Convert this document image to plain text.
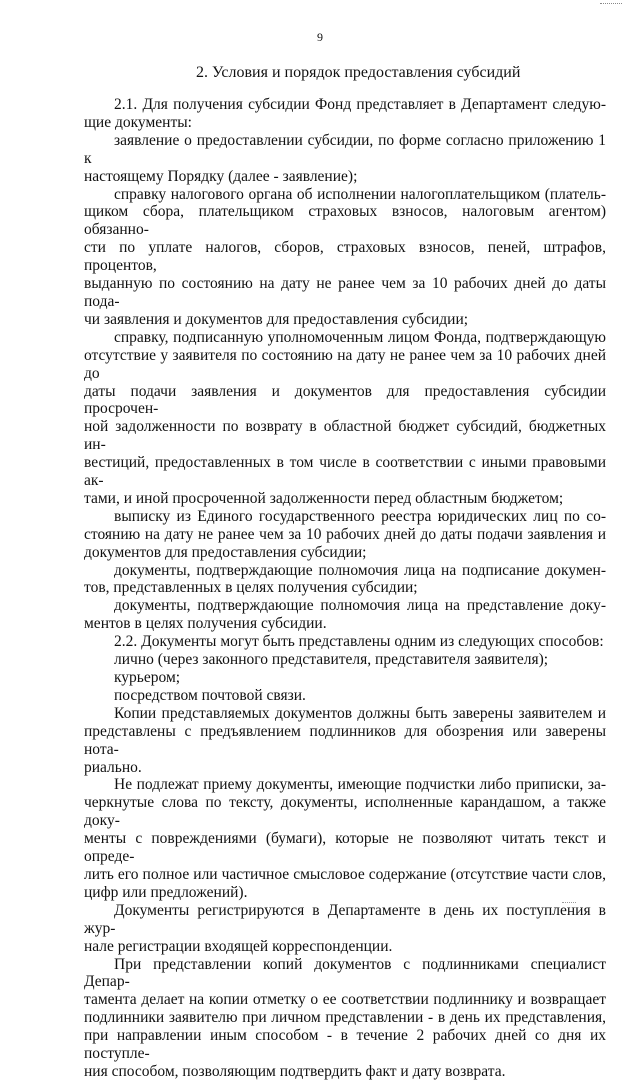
9
2. Условия и порядок предоставления субсидий

2.1. Для получения субсидии Фонд представляет в Департамент следую-

щие документы:

заявление о предоставлении субсидии, по форме согласно приложению 1 к

настоящему Порядку (далее - заявление);

справку налогового органа об исполнении налогоплательщиком (платель-

щиком сбора, плательщиком страховых взносов, налоговым агентом) обязанно-

сти по уплате налогов, сборов, страховых взносов, пеней, штрафов, процентов,

выданную по состоянию на дату не ранее чем за 10 рабочих дней до даты пода-

чи заявления и документов для предоставления субсидии;

справку, подписанную уполномоченным лицом Фонда, подтверждающую

отсутствие у заявителя по состоянию на дату не ранее чем за 10 рабочих дней до

даты подачи заявления и документов для предоставления субсидии просрочен-

ной задолженности по возврату в областной бюджет субсидий, бюджетных ин-

вестиций, предоставленных в том числе в соответствии с иными правовыми ак-

тами, и иной просроченной задолженности перед областным бюджетом;

выписку из Единого государственного реестра юридических лиц по со-

стоянию на дату не ранее чем за 10 рабочих дней до даты подачи заявления и

документов для предоставления субсидии;

документы, подтверждающие полномочия лица на подписание докумен-

тов, представленных в целях получения субсидии;

документы, подтверждающие полномочия лица на представление доку-

ментов в целях получения субсидии.

2.2. Документы могут быть представлены одним из следующих способов:

лично (через законного представителя, представителя заявителя);

курьером;

посредством почтовой связи.

Копии представляемых документов должны быть заверены заявителем и

представлены с предъявлением подлинников для обозрения или заверены нота-

риально.

Не подлежат приему документы, имеющие подчистки либо приписки, за-

черкнутые слова по тексту, документы, исполненные карандашом, а также доку-

менты с повреждениями (бумаги), которые не позволяют читать текст и опреде-

лить его полное или частичное смысловое содержание (отсутствие части слов,

цифр или предложений).

Документы регистрируются в Департаменте в день их поступления в жур-

нале регистрации входящей корреспонденции.

При представлении копий документов с подлинниками специалист Депар-

тамента делает на копии отметку о ее соответствии подлиннику и возвращает

подлинники заявителю при личном представлении - в день их представления,

при направлении иным способом - в течение 2 рабочих дней со дня их поступле-

ния способом, позволяющим подтвердить факт и дату возврата.
